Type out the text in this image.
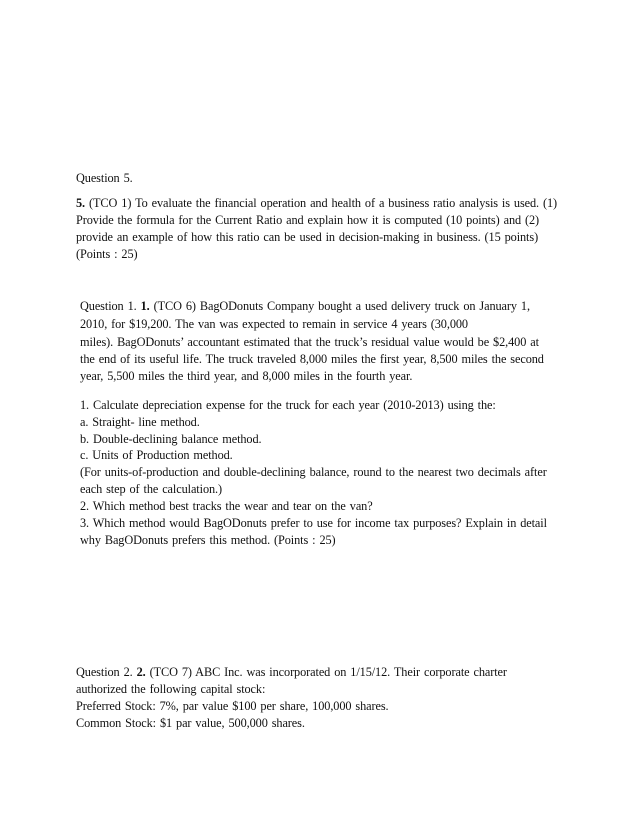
Question 5.
5. (TCO 1) To evaluate the financial operation and health of a business ratio analysis is used. (1)
Provide the formula for the Current Ratio and explain how it is computed (10 points) and (2)
provide an example of how this ratio can be used in decision-making in business. (15 points)
(Points : 25)
Question 1. 1. (TCO 6) BagODonuts Company bought a used delivery truck on January 1,
2010, for $19,200. The van was expected to remain in service 4 years (30,000
miles). BagODonuts’ accountant estimated that the truck’s residual value would be $2,400 at
the end of its useful life. The truck traveled 8,000 miles the first year, 8,500 miles the second
year, 5,500 miles the third year, and 8,000 miles in the fourth year.
1. Calculate depreciation expense for the truck for each year (2010-2013) using the:
a. Straight- line method.
b. Double-declining balance method.
c. Units of Production method.
(For units-of-production and double-declining balance, round to the nearest two decimals after
each step of the calculation.)
2. Which method best tracks the wear and tear on the van?
3. Which method would BagODonuts prefer to use for income tax purposes? Explain in detail
why BagODonuts prefers this method. (Points : 25)
Question 2. 2. (TCO 7) ABC Inc. was incorporated on 1/15/12. Their corporate charter
authorized the following capital stock:
Preferred Stock: 7%, par value $100 per share, 100,000 shares.
Common Stock: $1 par value, 500,000 shares.
